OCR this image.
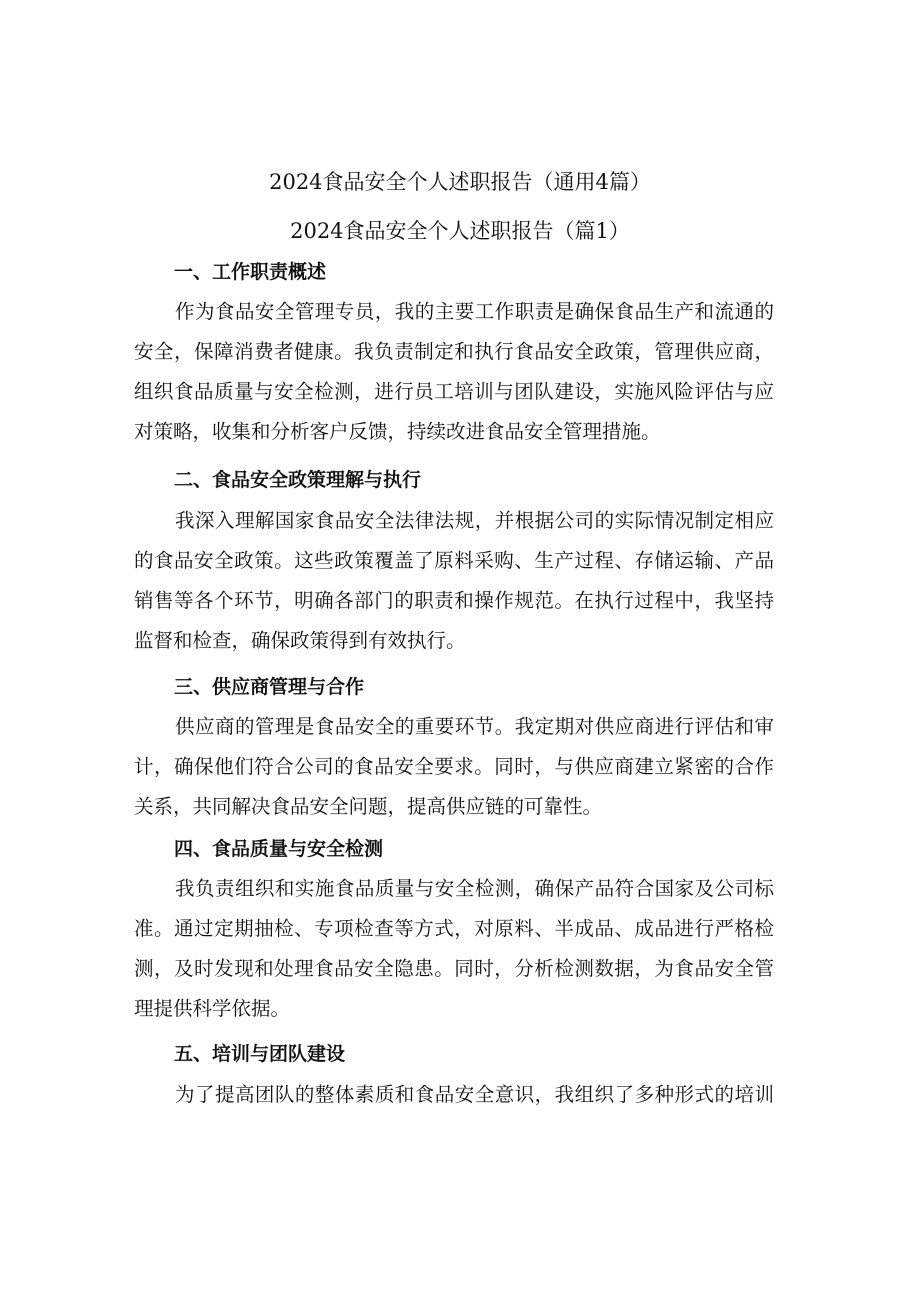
2024食品安全个人述职报告（通用4篇）
2024食品安全个人述职报告（篇1）
一、工作职责概述
作为食品安全管理专员，我的主要工作职责是确保食品生产和流通的
安全，保障消费者健康。我负责制定和执行食品安全政策，管理供应商，
组织食品质量与安全检测，进行员工培训与团队建设，实施风险评估与应
对策略，收集和分析客户反馈，持续改进食品安全管理措施。
二、食品安全政策理解与执行
我深入理解国家食品安全法律法规，并根据公司的实际情况制定相应
的食品安全政策。这些政策覆盖了原料采购、生产过程、存储运输、产品
销售等各个环节，明确各部门的职责和操作规范。在执行过程中，我坚持
监督和检查，确保政策得到有效执行。
三、供应商管理与合作
供应商的管理是食品安全的重要环节。我定期对供应商进行评估和审
计，确保他们符合公司的食品安全要求。同时，与供应商建立紧密的合作
关系，共同解决食品安全问题，提高供应链的可靠性。
四、食品质量与安全检测
我负责组织和实施食品质量与安全检测，确保产品符合国家及公司标
准。通过定期抽检、专项检查等方式，对原料、半成品、成品进行严格检
测，及时发现和处理食品安全隐患。同时，分析检测数据，为食品安全管
理提供科学依据。
五、培训与团队建设
为了提高团队的整体素质和食品安全意识，我组织了多种形式的培训
